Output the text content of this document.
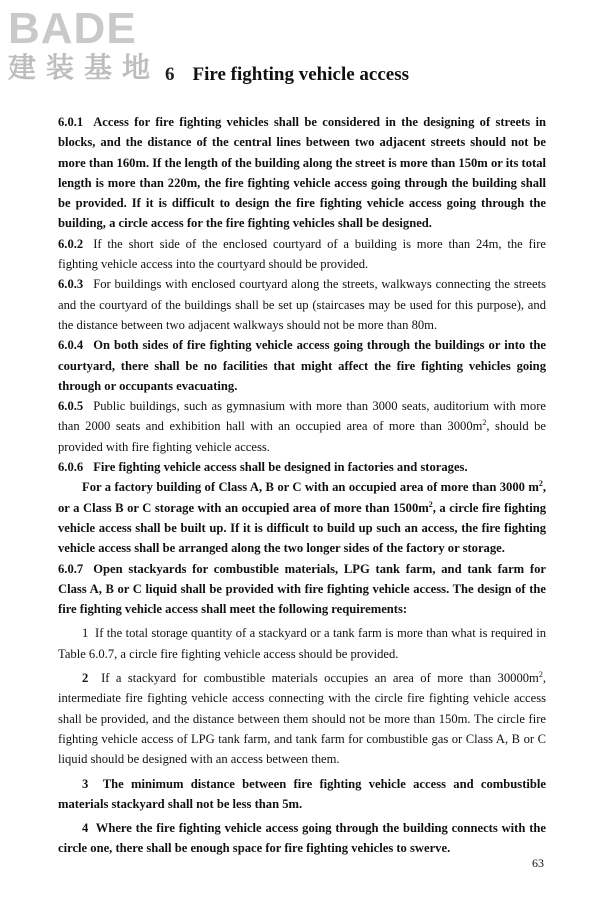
BADE
建装基地 6 Fire fighting vehicle access

6.0.1 Access for fire fighting vehicles shall be considered in the designing of streets in blocks, and the distance of the central lines between two adjacent streets should not be more than 160m. If the length of the building along the street is more than 150m or its total length is more than 220m, the fire fighting vehicle access going through the building shall be provided. If it is difficult to design the fire fighting vehicle access going through the building, a circle access for the fire fighting vehicles shall be designed.

6.0.2 If the short side of the enclosed courtyard of a building is more than 24m, the fire fighting vehicle access into the courtyard should be provided.

6.0.3 For buildings with enclosed courtyard along the streets, walkways connecting the streets and the courtyard of the buildings shall be set up (staircases may be used for this purpose), and the distance between two adjacent walkways should not be more than 80m.

6.0.4 On both sides of fire fighting vehicle access going through the buildings or into the courtyard, there shall be no facilities that might affect the fire fighting vehicles going through or occupants evacuating.

6.0.5 Public buildings, such as gymnasium with more than 3000 seats, auditorium with more than 2000 seats and exhibition hall with an occupied area of more than $3000m^2$, should be provided with fire fighting vehicle access.

6.0.6 Fire fighting vehicle access shall be designed in factories and storages.

For a factory building of Class A, B or C with an occupied area of more than 3000 $m^2$, or a Class B or C storage with an occupied area of more than $1500m^2$, a circle fire fighting vehicle access shall be built up. If it is difficult to build up such an access, the fire fighting vehicle access shall be arranged along the two longer sides of the factory or storage.

6.0.7 Open stackyards for combustible materials, LPG tank farm, and tank farm for Class A, B or C liquid shall be provided with fire fighting vehicle access. The design of the fire fighting vehicle access shall meet the following requirements:

1 If the total storage quantity of a stackyard or a tank farm is more than what is required in Table 6.0.7, a circle fire fighting vehicle access should be provided.

2 If a stackyard for combustible materials occupies an area of more than $30000m^2$, intermediate fire fighting vehicle access connecting with the circle fire fighting vehicle access shall be provided, and the distance between them should not be more than 150m. The circle fire fighting vehicle access of LPG tank farm, and tank farm for combustible gas or Class A, B or C liquid should be designed with an access between them.

3 The minimum distance between fire fighting vehicle access and combustible materials stackyard shall not be less than 5m.

4 Where the fire fighting vehicle access going through the building connects with the circle one, there shall be enough space for fire fighting vehicles to swerve.

63
